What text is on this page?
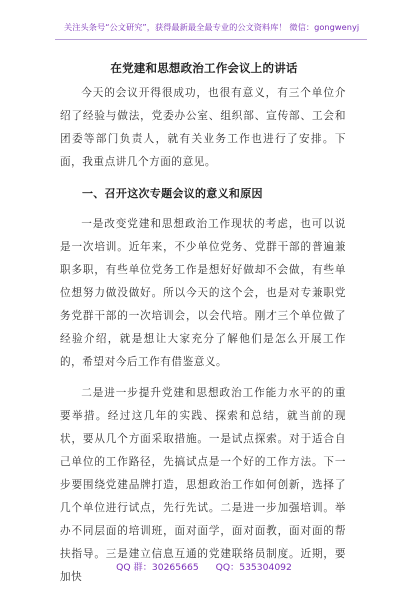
关注头条号“公文研究”，获得最新最全最专业的公文资料库！ 微信：gongwenyj
在党建和思想政治工作会议上的讲话

今天的会议开得很成功，也很有意义，有三个单位介绍了经验与做法，党委办公室、组织部、宣传部、工会和团委等部门负责人，就有关业务工作也进行了安排。下面，我重点讲几个方面的意见。

一、召开这次专题会议的意义和原因

一是改变党建和思想政治工作现状的考虑，也可以说是一次培训。近年来，不少单位党务、党群干部的普遍兼职多职，有些单位党务工作是想好好做却不会做，有些单位想努力做没做好。所以今天的这个会，也是对专兼职党务党群干部的一次培训会，以会代培。刚才三个单位做了经验介绍，就是想让大家充分了解他们是怎么开展工作的，希望对今后工作有借鉴意义。

二是进一步提升党建和思想政治工作能力水平的的重要举措。经过这几年的实践、探索和总结，就当前的现状，要从几个方面采取措施。一是试点探索。对于适合自己单位的工作路径，先搞试点是一个好的工作方法。下一步要围绕党建品牌打造，思想政治工作如何创新，选择了几个单位进行试点，先行先试。二是进一步加强培训。举办不同层面的培训班，面对面学，面对面教，面对面的帮扶指导。三是建立信息互通的党建联络员制度。近期，要加快

QQ 群：30265665 QQ：535304092
